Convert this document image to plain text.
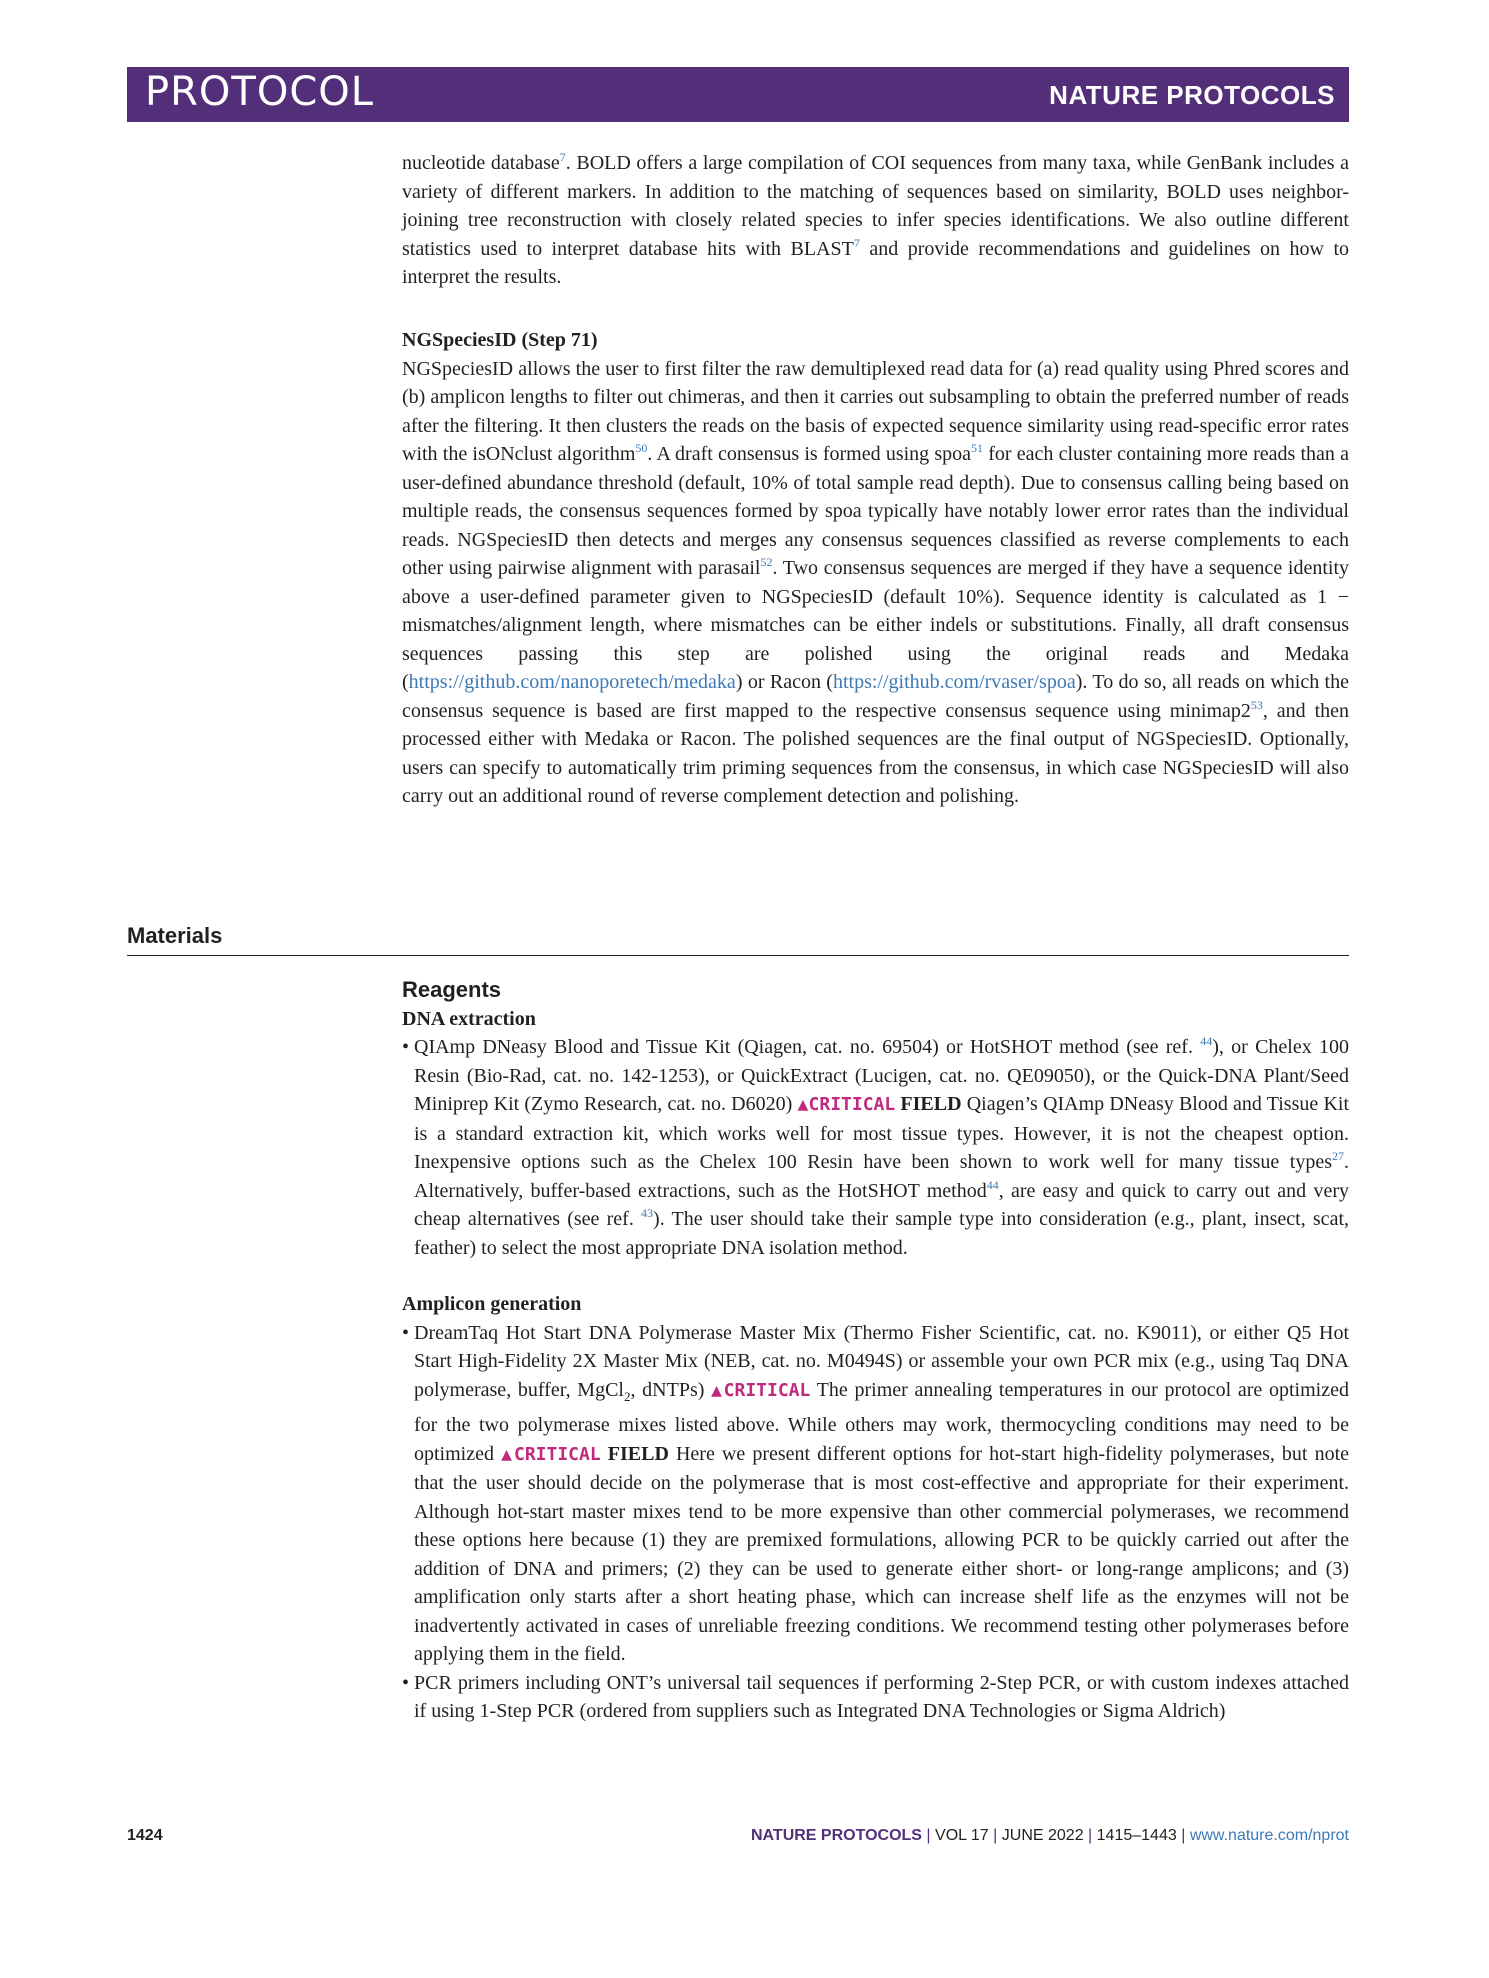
PROTOCOL	NATURE PROTOCOLS

nucleotide database$^7$. BOLD offers a large compilation of COI sequences from many taxa, while GenBank includes a variety of different markers. In addition to the matching of sequences based on similarity, BOLD uses neighbor-joining tree reconstruction with closely related species to infer species identifications. We also outline different statistics used to interpret database hits with BLAST$^7$ and provide recommendations and guidelines on how to interpret the results.

NGSpeciesID (Step 71)

NGSpeciesID allows the user to first filter the raw demultiplexed read data for (a) read quality using Phred scores and (b) amplicon lengths to filter out chimeras, and then it carries out subsampling to obtain the preferred number of reads after the filtering. It then clusters the reads on the basis of expected sequence similarity using read-specific error rates with the isONclust algorithm$^{50}$. A draft consensus is formed using spoa$^{51}$ for each cluster containing more reads than a user-defined abundance threshold (default, 10% of total sample read depth). Due to consensus calling being based on multiple reads, the consensus sequences formed by spoa typically have notably lower error rates than the individual reads. NGSpeciesID then detects and merges any consensus sequences classified as reverse complements to each other using pairwise alignment with parasail$^{52}$. Two consensus sequences are merged if they have a sequence identity above a user-defined parameter given to NGSpeciesID (default 10%). Sequence identity is calculated as 1 − mismatches/alignment length, where mismatches can be either indels or substitutions. Finally, all draft consensus sequences passing this step are polished using the original reads and Medaka (https://github.com/nanoporetech/medaka) or Racon (https://github.com/rvaser/spoa). To do so, all reads on which the consensus sequence is based are first mapped to the respective consensus sequence using $minimap2^{53}$, and then processed either with Medaka or Racon. The polished sequences are the final output of NGSpeciesID. Optionally, users can specify to automatically trim priming sequences from the consensus, in which case NGSpeciesID will also carry out an additional round of reverse complement detection and polishing.

Materials

Reagents

DNA extraction

• QIAmp DNeasy Blood and Tissue Kit (Qiagen, cat. no. 69504) or HotSHOT method (see ref. $^{44}$), or Chelex 100 Resin (Bio-Rad, cat. no. 142-1253), or QuickExtract (Lucigen, cat. no. QE09050), or the Quick-DNA Plant/Seed Miniprep Kit (Zymo Research, cat. no. D6020) ▲CRITICAL FIELD Qiagen’s QIAmp DNeasy Blood and Tissue Kit is a standard extraction kit, which works well for most tissue types. However, it is not the cheapest option. Inexpensive options such as the Chelex 100 Resin have been shown to work well for many tissue types$^{27}$. Alternatively, buffer-based extractions, such as the HotSHOT method$^{44}$, are easy and quick to carry out and very cheap alternatives (see ref. $^{43}$). The user should take their sample type into consideration (e.g., plant, insect, scat, feather) to select the most appropriate DNA isolation method.

Amplicon generation

• DreamTaq Hot Start DNA Polymerase Master Mix (Thermo Fisher Scientific, cat. no. K9011), or either Q5 Hot Start High-Fidelity 2X Master Mix (NEB, cat. no. M0494S) or assemble your own PCR mix (e.g., using Taq DNA polymerase, buffer, MgCl$_2$, dNTPs) ▲CRITICAL The primer annealing temperatures in our protocol are optimized for the two polymerase mixes listed above. While others may work, thermocycling conditions may need to be optimized ▲CRITICAL FIELD Here we present different options for hot-start high-fidelity polymerases, but note that the user should decide on the polymerase that is most cost-effective and appropriate for their experiment. Although hot-start master mixes tend to be more expensive than other commercial polymerases, we recommend these options here because (1) they are premixed formulations, allowing PCR to be quickly carried out after the addition of DNA and primers; (2) they can be used to generate either short- or long-range amplicons; and (3) amplification only starts after a short heating phase, which can increase shelf life as the enzymes will not be inadvertently activated in cases of unreliable freezing conditions. We recommend testing other polymerases before applying them in the field.

• PCR primers including ONT’s universal tail sequences if performing 2-Step PCR, or with custom indexes attached if using 1-Step PCR (ordered from suppliers such as Integrated DNA Technologies or Sigma Aldrich)

1424	NATURE PROTOCOLS | VOL 17 | JUNE 2022 | 1415–1443 | www.nature.com/nprot
